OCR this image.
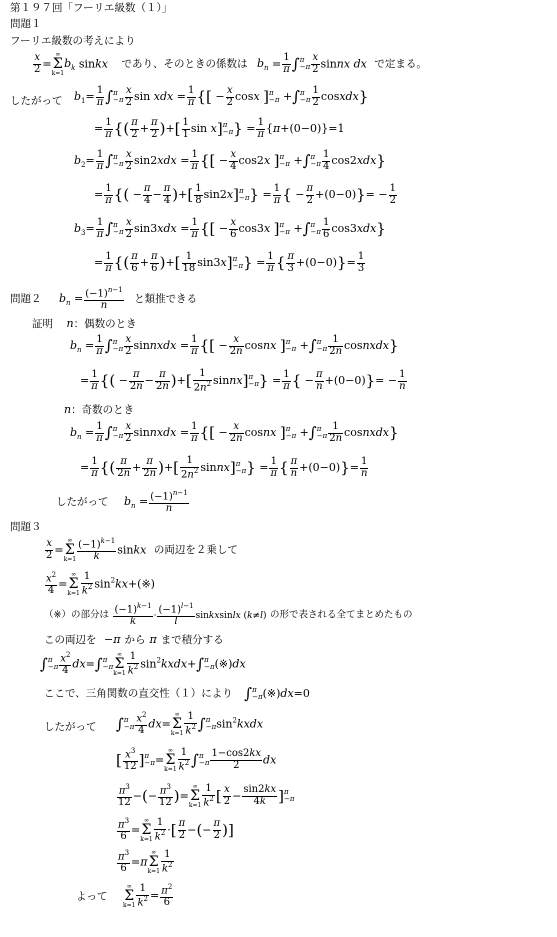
第１９７回「フーリエ級数（１）」
問題１
フーリエ級数の考えにより
$\frac{x}{2}$ =
∞
Σ
k=1
$b_k$ sinkx であり、そのときの係数は $b_n = \frac{1}{\pi}$ ∫ π
$-\pi \frac{x}{2}$ sinnx dx で定まる。
したがって $b_1= \frac{1}{\pi}$ ∫ π
$-\pi \frac{x}{2}$ sin xdx = $\frac{1}{\pi}$ {[ − $\frac{x}{2}$ cosx ] π
−π +∫ π
$-\pi \frac{1}{2}$ cosxdx}
= $\frac{1}{\pi}$ {( $\frac{\pi}{2} + \frac{\pi}{2}$ )+[ $\frac{1}{1}$ sin x] π
−π } = $\frac{1}{\pi} \{\pi+(0-0)\}=1$
$b_2= \frac{1}{\pi}$ ∫ π
$-\pi \frac{x}{2} \sin 2xdx = \frac{1}{\pi}$ {[ − $\frac{x}{4} \cos 2x$ ] π
−π +∫ π
$-\pi \frac{1}{4} \cos 2xdx$}
= $\frac{1}{\pi}$ {( − $\frac{\pi}{4} - \frac{\pi}{4}$ )+[ $\frac{1}{8} \sin 2x$] π
−π } = $\frac{1}{\pi}$ { − $\frac{\pi}{2} +(0-0)\}= - \frac{1}{2}$
$b_3= \frac{1}{\pi}$ ∫ π
$-\pi \frac{x}{2} \sin 3xdx = \frac{1}{\pi}$ {[ − $\frac{x}{6} \cos 3x$ ] π
−π +∫ π
$-\pi \frac{1}{6} \cos 3xdx$}
= $\frac{1}{\pi}$ {( $\frac{\pi}{6} + \frac{\pi}{6}$ )+[ $\frac{1}{18} \sin 3x$] π
−π } = $\frac{1}{\pi}$ { $\frac{\pi}{3} +(0-0)\}= \frac{1}{3}$
問題２ $b_n = \frac{(-1)^{n-1}}{n}$ と類推できる
証明 n：偶数のとき
$b_n = \frac{1}{\pi}$ ∫ π
$-\pi \frac{x}{2}$ sinnxdx = $\frac{1}{\pi}$ {[ − $\frac{x}{2n}$ cosnx ] π
−π +∫ π
$-\pi \frac{1}{2n}$ cosnxdx}
= $\frac{1}{\pi}$ {( − $\frac{\pi}{2n} - \frac{\pi}{2n}$ )+[ $\frac{1}{2n^2}$ sinnx] π
−π } = $\frac{1}{\pi}$ { − $\frac{\pi}{n} +(0-0)\}= - \frac{1}{n}$
n：奇数のとき
$b_n = \frac{1}{\pi}$ ∫ π
$-\pi \frac{x}{2}$ sinnxdx = $\frac{1}{\pi}$ {[ − $\frac{x}{2n}$ cosnx ] π
−π +∫ π
$-\pi \frac{1}{2n}$ cosnxdx}
= $\frac{1}{\pi}$ {( $\frac{\pi}{2n} + \frac{\pi}{2n}$ )+[ $\frac{1}{2n^2}$ sinnx] π
−π } = $\frac{1}{\pi}$ { $\frac{\pi}{n} +(0-0)\}= \frac{1}{n}$
したがって $b_n = \frac{(-1)^{n-1}}{n}$
問題３
$\frac{x}{2}$ =
∞
Σ
$k=1 \frac{(-1)^{k-1}}{k}$ sinkx の両辺を２乗して
$\frac{x^2}{4}$ =
∞
Σ
$k=1 \frac{1}{k^2}$ $\sin^2kx+(※)$
（※）の部分は $\frac{(-1)^{k-1}}{k} \cdot \frac{(-1)^{l-1}}{l}$ sinkxsinlx (k≠l) の形で表される全てまとめたもの
この両辺を −π から π まで積分する
∫ π
$-\pi \frac{x^2}{4} dx=\int$ π
−π
∞
Σ
$k=1 \frac{1}{k^2}$ $\sin^2kxdx+\int$ π
−π (※)dx
ここで、三角関数の直交性（１）により ∫ π
−π (※)dx=0
したがって ∫ π
$-\pi \frac{x^2}{4} dx=$
∞
Σ
$k=1 \frac{1}{k^2}$ ∫ π
−π $\sin^2kxdx$
[ $\frac{x^3}{12}$ ] π
−π =
∞
Σ
$k=1 \frac{1}{k^2}$ ∫ π
$-\pi \frac{1-\cos 2kx}{2}$ dx
$\frac{\pi^3}{12}$ −(− $\frac{\pi^3}{12}$ )=
∞
Σ
$k=1 \frac{1}{k^2}$ [ $\frac{x}{2} - \frac{\sin 2kx}{4k}$ ] π
−π
$\frac{\pi^3}{6}$ =
∞
Σ
$k=1 \frac{1}{k^2}$ ·[ $\frac{\pi}{2}$ −(− $\frac{\pi}{2}$ )]
$\frac{\pi^3}{6} =\pi$
∞
Σ
$k=1 \frac{1}{k^2}$
よって
∞
Σ
$k=1 \frac{1}{k^2} = \frac{\pi^2}{6}$
